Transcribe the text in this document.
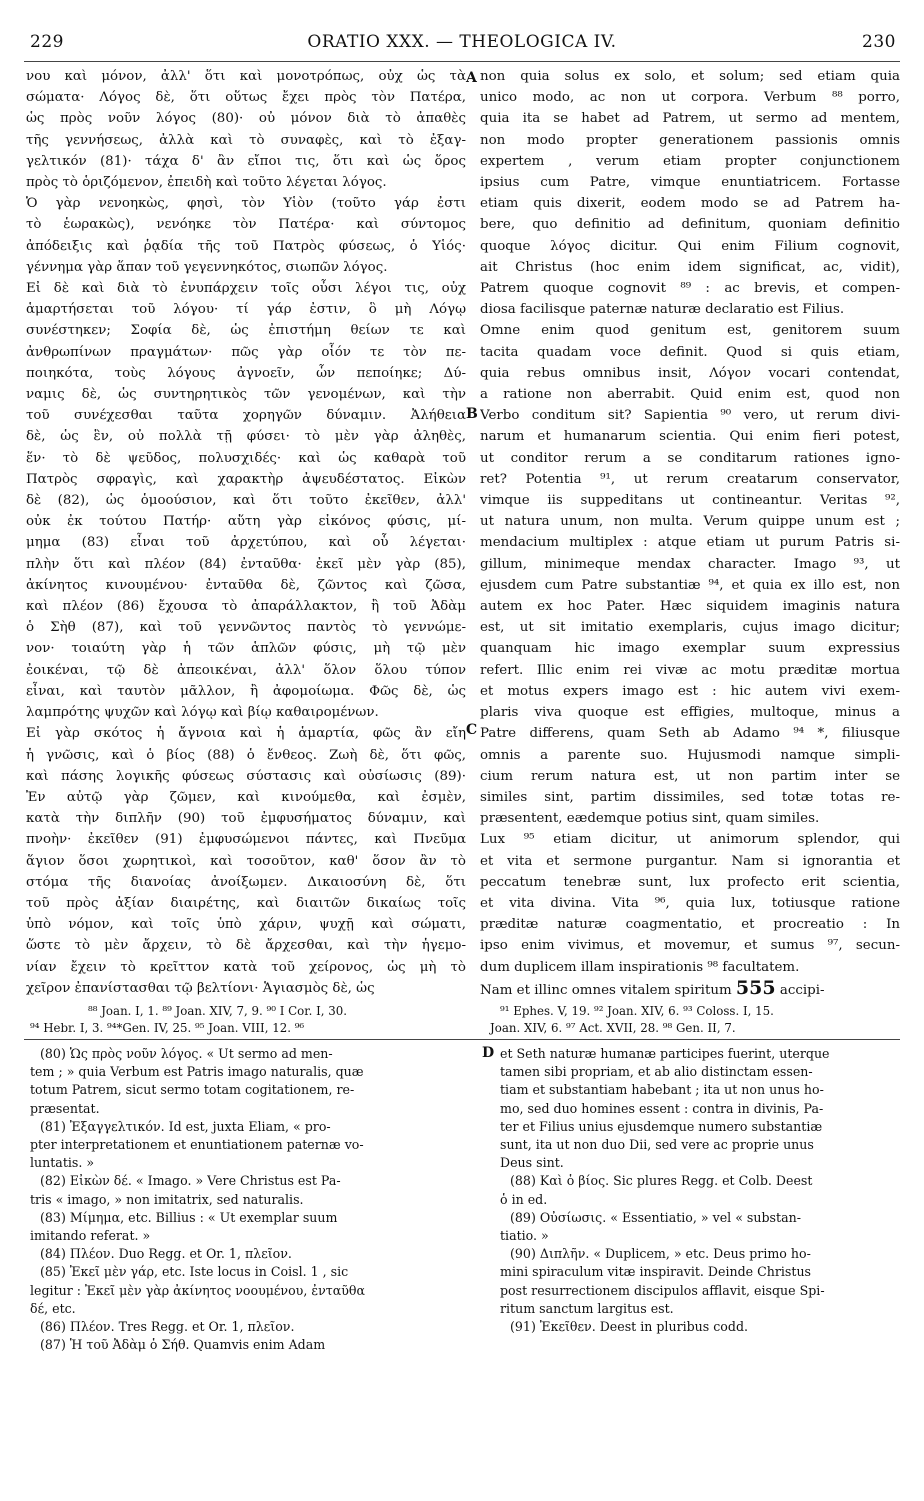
229	ORATIO XXX. — THEOLOGICA IV.	230
νου καὶ μόνον, ἀλλ' ὅτι καὶ μονοτρόπως, οὐχ ὡς τὰ
σώματα· Λόγος δὲ, ὅτι οὕτως ἔχει πρὸς τὸν Πατέρα,
ὡς πρὸς νοῦν λόγος (80)· οὐ μόνον διὰ τὸ ἀπαθὲς
τῆς γεννήσεως, ἀλλὰ καὶ τὸ συναφὲς, καὶ τὸ ἐξαγ-
γελτικόν (81)· τάχα δ' ἂν εἴποι τις, ὅτι καὶ ὡς ὅρος
πρὸς τὸ ὁριζόμενον, ἐπειδὴ καὶ τοῦτο λέγεται λόγος.
Ὁ γὰρ νενοηκὼς, φησὶ, τὸν Υἱὸν (τοῦτο γάρ ἐστι
τὸ ἑωρακὼς), νενόηκε τὸν Πατέρα· καὶ σύντομος
ἀπόδειξις καὶ ῥᾳδία τῆς τοῦ Πατρὸς φύσεως, ὁ Υἱός·
γέννημα γὰρ ἅπαν τοῦ γεγεννηκότος, σιωπῶν λόγος.
Εἰ δὲ καὶ διὰ τὸ ἐνυπάρχειν τοῖς οὖσι λέγοι τις, οὐχ
ἁμαρτήσεται τοῦ λόγου· τί γάρ ἐστιν, ὃ μὴ Λόγῳ
συνέστηκεν; Σοφία δὲ, ὡς ἐπιστήμη θείων τε καὶ
ἀνθρωπίνων πραγμάτων· πῶς γὰρ οἷόν τε τὸν πε-
ποιηκότα, τοὺς λόγους ἀγνοεῖν, ὧν πεποίηκε; Δύ-
ναμις δὲ, ὡς συντηρητικὸς τῶν γενομένων, καὶ τὴν
τοῦ συνέχεσθαι ταῦτα χορηγῶν δύναμιν. Ἀλήθεια
δὲ, ὡς ἓν, οὐ πολλὰ τῇ φύσει· τὸ μὲν γὰρ ἀληθὲς,
ἕν· τὸ δὲ ψεῦδος, πολυσχιδές· καὶ ὡς καθαρὰ τοῦ
Πατρὸς σφραγὶς, καὶ χαρακτὴρ ἀψευδέστατος. Εἰκὼν
δὲ (82), ὡς ὁμοούσιον, καὶ ὅτι τοῦτο ἐκεῖθεν, ἀλλ'
οὐκ ἐκ τούτου Πατήρ· αὕτη γὰρ εἰκόνος φύσις, μί-
μημα (83) εἶναι τοῦ ἀρχετύπου, καὶ οὗ λέγεται·
πλὴν ὅτι καὶ πλέον (84) ἐνταῦθα· ἐκεῖ μὲν γὰρ (85),
ἀκίνητος κινουμένου· ἐνταῦθα δὲ, ζῶντος καὶ ζῶσα,
καὶ πλέον (86) ἔχουσα τὸ ἀπαράλλακτον, ἢ τοῦ Ἀδὰμ
ὁ Σὴθ (87), καὶ τοῦ γεννῶντος παντὸς τὸ γεννώμε-
νον· τοιαύτη γὰρ ἡ τῶν ἁπλῶν φύσις, μὴ τῷ μὲν
ἐοικέναι, τῷ δὲ ἀπεοικέναι, ἀλλ' ὅλον ὅλου τύπον
εἶναι, καὶ ταυτὸν μᾶλλον, ἢ ἀφομοίωμα. Φῶς δὲ, ὡς
λαμπρότης ψυχῶν καὶ λόγῳ καὶ βίῳ καθαιρομένων.
Εἰ γὰρ σκότος ἡ ἄγνοια καὶ ἡ ἁμαρτία, φῶς ἂν εἴη
ἡ γνῶσις, καὶ ὁ βίος (88) ὁ ἔνθεος. Ζωὴ δὲ, ὅτι φῶς,
καὶ πάσης λογικῆς φύσεως σύστασις καὶ οὐσίωσις (89)·
Ἐν αὐτῷ γὰρ ζῶμεν, καὶ κινούμεθα, καὶ ἐσμὲν,
κατὰ τὴν διπλῆν (90) τοῦ ἐμφυσήματος δύναμιν, καὶ
πνοὴν· ἐκεῖθεν (91) ἐμφυσώμενοι πάντες, καὶ Πνεῦμα
ἅγιον ὅσοι χωρητικοὶ, καὶ τοσοῦτον, καθ' ὅσον ἂν τὸ
στόμα τῆς διανοίας ἀνοίξωμεν. Δικαιοσύνη δὲ, ὅτι
τοῦ πρὸς ἀξίαν διαιρέτης, καὶ διαιτῶν δικαίως τοῖς
ὑπὸ νόμον, καὶ τοῖς ὑπὸ χάριν, ψυχῇ καὶ σώματι,
ὥστε τὸ μὲν ἄρχειν, τὸ δὲ ἄρχεσθαι, καὶ τὴν ἡγεμο-
νίαν ἔχειν τὸ κρεῖττον κατὰ τοῦ χείρονος, ὡς μὴ τὸ
χεῖρον ἐπανίστασθαι τῷ βελτίονι· Ἁγιασμὸς δὲ, ὡς
A
B
C
non quia solus ex solo, et solum; sed etiam quia
unico modo, ac non ut corpora. Verbum ⁸⁸ porro,
quia ita se habet ad Patrem, ut sermo ad mentem,
non modo propter generationem passionis omnis
expertem , verum etiam propter conjunctionem
ipsius cum Patre, vimque enuntiatricem. Fortasse
etiam quis dixerit, eodem modo se ad Patrem ha-
bere, quo definitio ad definitum, quoniam definitio
quoque λόγος dicitur. Qui enim Filium cognovit,
ait Christus (hoc enim idem significat, ac, vidit),
Patrem quoque cognovit ⁸⁹ : ac brevis, et compen-
diosa facilisque paternæ naturæ declaratio est Filius.
Omne enim quod genitum est, genitorem suum
tacita quadam voce definit. Quod si quis etiam,
quia rebus omnibus insit, Λόγον vocari contendat,
a ratione non aberrabit. Quid enim est, quod non
Verbo conditum sit? Sapientia ⁹⁰ vero, ut rerum divi-
narum et humanarum scientia. Qui enim fieri potest,
ut conditor rerum a se conditarum rationes igno-
ret? Potentia ⁹¹, ut rerum creatarum conservator,
vimque iis suppeditans ut contineantur. Veritas ⁹²,
ut natura unum, non multa. Verum quippe unum est ;
mendacium multiplex : atque etiam ut purum Patris si-
gillum, minimeque mendax character. Imago ⁹³, ut
ejusdem cum Patre substantiæ ⁹⁴, et quia ex illo est, non
autem ex hoc Pater. Hæc siquidem imaginis natura
est, ut sit imitatio exemplaris, cujus imago dicitur;
quanquam hic imago exemplar suum expressius
refert. Illic enim rei vivæ ac motu præditæ mortua
et motus expers imago est : hic autem vivi exem-
plaris viva quoque est effigies, multoque, minus a
Patre differens, quam Seth ab Adamo ⁹⁴ *, filiusque
omnis a parente suo. Hujusmodi namque simpli-
cium rerum natura est, ut non partim inter se
similes sint, partim dissimiles, sed totæ totas re-
præsentent, eædemque potius sint, quam similes.
Lux ⁹⁵ etiam dicitur, ut animorum splendor, qui
et vita et sermone purgantur. Nam si ignorantia et
peccatum tenebræ sunt, lux profecto erit scientia,
et vita divina. Vita ⁹⁶, quia lux, totiusque ratione
præditæ naturæ coagmentatio, et procreatio : In
ipso enim vivimus, et movemur, et sumus ⁹⁷, secun-
dum duplicem illam inspirationis ⁹⁸ facultatem.
Nam et illinc omnes vitalem spiritum 555 accipi-
⁸⁸ Joan. I, 1. ⁸⁹ Joan. XIV, 7, 9. ⁹⁰ I Cor. I, 30.
⁹⁴ Hebr. I, 3. ⁹⁴*Gen. IV, 25. ⁹⁵ Joan. VIII, 12. ⁹⁶
⁹¹ Ephes. V, 19. ⁹² Joan. XIV, 6. ⁹³ Coloss. I, 15.
Joan. XIV, 6. ⁹⁷ Act. XVII, 28. ⁹⁸ Gen. II, 7.
(80) Ὡς πρὸς νοῦν λόγος. « Ut sermo ad men-
tem ; » quia Verbum est Patris imago naturalis, quæ
totum Patrem, sicut sermo totam cogitationem, re-
præsentat.
(81) Ἐξαγγελτικόν. Id est, juxta Eliam, « pro-
pter interpretationem et enuntiationem paternæ vo-
luntatis. »
(82) Εἰκὼν δέ. « Imago. » Vere Christus est Pa-
tris « imago, » non imitatrix, sed naturalis.
(83) Μίμημα, etc. Billius : « Ut exemplar suum
imitando referat. »
(84) Πλέον. Duo Regg. et Or. 1, πλεῖον.
(85) Ἐκεῖ μὲν γάρ, etc. Iste locus in Coisl. 1 , sic
legitur : Ἐκεῖ μὲν γὰρ ἀκίνητος νοουμένου, ἐνταῦθα
δέ, etc.
(86) Πλέον. Tres Regg. et Or. 1, πλεῖον.
(87) Ἡ τοῦ Ἀδὰμ ὁ Σήθ. Quamvis enim Adam
D et Seth naturæ humanæ participes fuerint, uterque
tamen sibi propriam, et ab alio distinctam essen-
tiam et substantiam habebant ; ita ut non unus ho-
mo, sed duo homines essent : contra in divinis, Pa-
ter et Filius unius ejusdemque numero substantiæ
sunt, ita ut non duo Dii, sed vere ac proprie unus
Deus sint.
(88) Καὶ ὁ βίος. Sic plures Regg. et Colb. Deest
ὁ in ed.
(89) Οὐσίωσις. « Essentiatio, » vel « substan-
tiatio. »
(90) Διπλῆν. « Duplicem, » etc. Deus primo ho-
mini spiraculum vitæ inspiravit. Deinde Christus
post resurrectionem discipulos afflavit, eisque Spi-
ritum sanctum largitus est.
(91) Ἐκεῖθεν. Deest in pluribus codd.
